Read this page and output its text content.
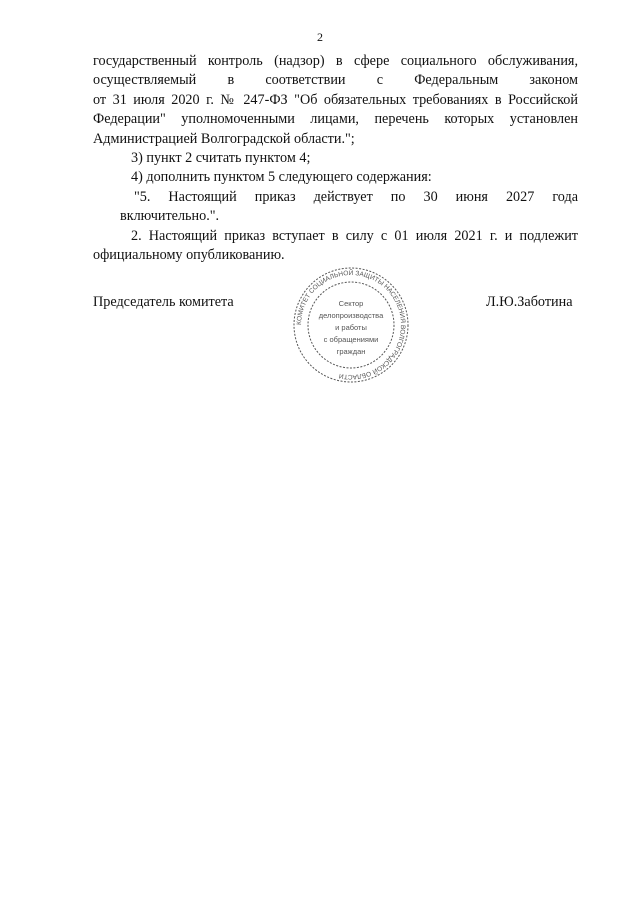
2
государственный контроль (надзор) в сфере социального обслуживания,
осуществляемый в соответствии с Федеральным законом
от 31 июля 2020 г. № 247-ФЗ "Об обязательных требованиях в Российской
Федерации" уполномоченными лицами, перечень которых установлен
Администрацией Волгоградской области.";
3) пункт 2 считать пунктом 4;
4) дополнить пунктом 5 следующего содержания:
"5. Настоящий приказ действует по 30 июня 2027 года
включительно.".
2. Настоящий приказ вступает в силу с 01 июля 2021 г. и подлежит
официальному опубликованию.
Председатель комитета
КОМИТЕТ СОЦИАЛЬНОЙ ЗАЩИТЫ НАСЕЛЕНИЯ ВОЛГОГРАДСКОЙ ОБЛАСТИ
Сектор
делопроизводства
и работы
с обращениями
граждан
Л.Ю.Заботина
